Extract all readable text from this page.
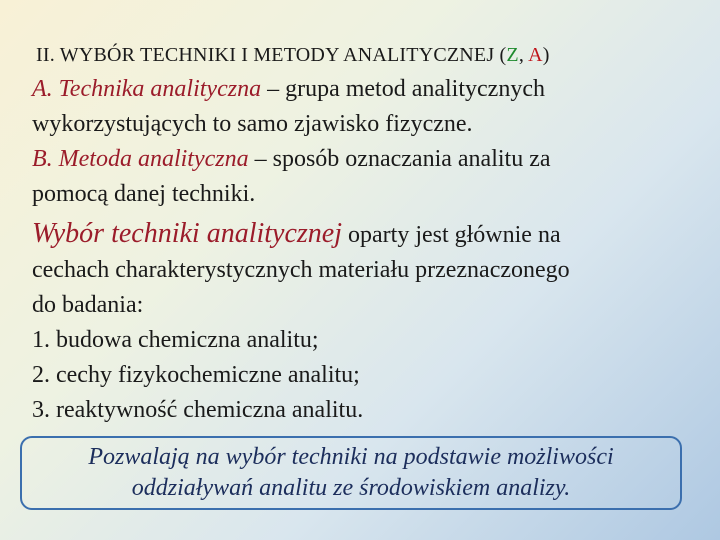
II. WYBÓR TECHNIKI I METODY ANALITYCZNEJ (Z, A)

A. Technika analityczna – grupa metod analitycznych

wykorzystujących to samo zjawisko fizyczne.

B. Metoda analityczna – sposób oznaczania analitu za

pomocą danej techniki.

Wybór techniki analitycznej oparty jest głównie na

cechach charakterystycznych materiału przeznaczonego

do badania:

1. budowa chemiczna analitu;

2. cechy fizykochemiczne analitu;

3. reaktywność chemiczna analitu.

Pozwalają na wybór techniki na podstawie możliwości
oddziaływań analitu ze środowiskiem analizy.
